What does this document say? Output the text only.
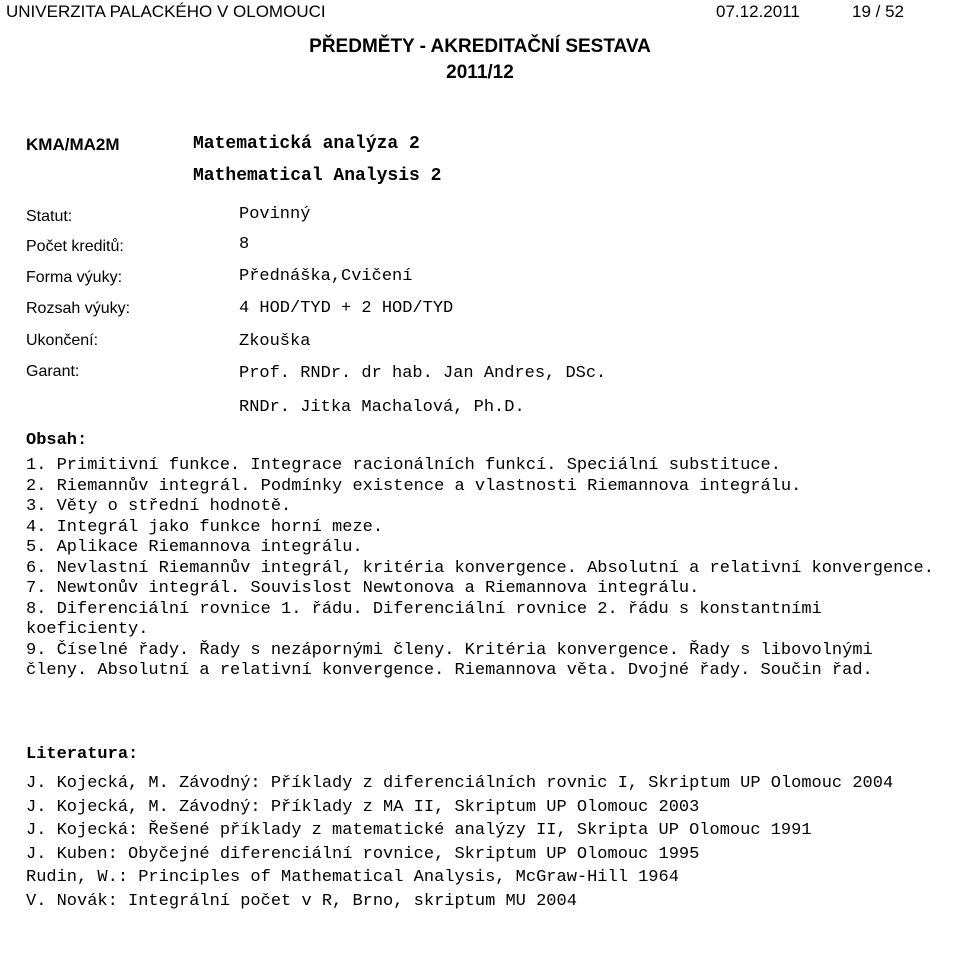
UNIVERZITA PALACKÉHO V OLOMOUCI	07.12.2011	19 / 52
PŘEDMĚTY - AKREDITAČNÍ SESTAVA
2011/12
KMA/MA2M	Matematická analýza 2
Mathematical Analysis 2
Statut:	Povinný
Počet kreditů:	8
Forma výuky:	Přednáška,Cvičení
Rozsah výuky:	4 HOD/TYD + 2 HOD/TYD
Ukončení:	Zkouška
Garant:	Prof. RNDr. dr hab. Jan Andres, DSc.
RNDr. Jitka Machalová, Ph.D.
Obsah:
1. Primitivní funkce. Integrace racionálních funkcí. Speciální substituce.
2. Riemannův integrál. Podmínky existence a vlastnosti Riemannova integrálu.
3. Věty o střední hodnotě.
4. Integrál jako funkce horní meze.
5. Aplikace Riemannova integrálu.
6. Nevlastní Riemannův integrál, kritéria konvergence. Absolutní a relativní konvergence.
7. Newtonův integrál. Souvislost Newtonova a Riemannova integrálu.
8. Diferenciální rovnice 1. řádu. Diferenciální rovnice 2. řádu s konstantními koeficienty.
9. Číselné řady. Řady s nezápornými členy. Kritéria konvergence. Řady s libovolnými členy. Absolutní a relativní konvergence. Riemannova věta. Dvojné řady. Součin řad.
Literatura:
J. Kojecká, M. Závodný: Příklady z diferenciálních rovnic I, Skriptum UP Olomouc 2004
J. Kojecká, M. Závodný: Příklady z MA II, Skriptum UP Olomouc 2003
J. Kojecká: Řešené příklady z matematické analýzy II, Skripta UP Olomouc 1991
J. Kuben: Obyčejné diferenciální rovnice, Skriptum UP Olomouc 1995
Rudin, W.: Principles of Mathematical Analysis, McGraw-Hill 1964
V. Novák: Integrální počet v R, Brno, skriptum MU 2004
